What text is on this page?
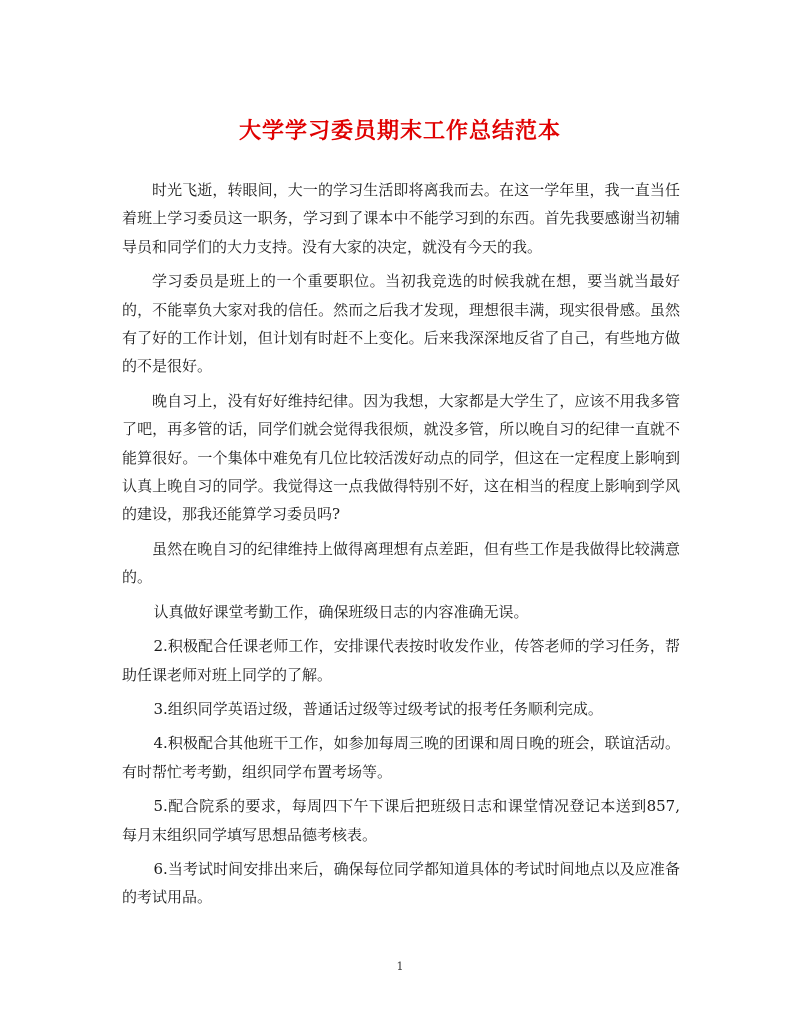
大学学习委员期末工作总结范本

时光飞逝，转眼间，大一的学习生活即将离我而去。在这一学年里，我一直当任着班上学习委员这一职务，学习到了课本中不能学习到的东西。首先我要感谢当初辅导员和同学们的大力支持。没有大家的决定，就没有今天的我。

学习委员是班上的一个重要职位。当初我竞选的时候我就在想，要当就当最好的，不能辜负大家对我的信任。然而之后我才发现，理想很丰满，现实很骨感。虽然有了好的工作计划，但计划有时赶不上变化。后来我深深地反省了自己，有些地方做的不是很好。

晚自习上，没有好好维持纪律。因为我想，大家都是大学生了，应该不用我多管了吧，再多管的话，同学们就会觉得我很烦，就没多管，所以晚自习的纪律一直就不能算很好。一个集体中难免有几位比较活泼好动点的同学，但这在一定程度上影响到认真上晚自习的同学。我觉得这一点我做得特别不好，这在相当的程度上影响到学风的建设，那我还能算学习委员吗?

虽然在晚自习的纪律维持上做得离理想有点差距，但有些工作是我做得比较满意的。

认真做好课堂考勤工作，确保班级日志的内容准确无误。

2.积极配合任课老师工作，安排课代表按时收发作业，传答老师的学习任务，帮助任课老师对班上同学的了解。

3.组织同学英语过级，普通话过级等过级考试的报考任务顺利完成。

4.积极配合其他班干工作，如参加每周三晚的团课和周日晚的班会，联谊活动。有时帮忙考考勤，组织同学布置考场等。

5.配合院系的要求，每周四下午下课后把班级日志和课堂情况登记本送到857,每月末组织同学填写思想品德考核表。

6.当考试时间安排出来后，确保每位同学都知道具体的考试时间地点以及应准备的考试用品。

1
